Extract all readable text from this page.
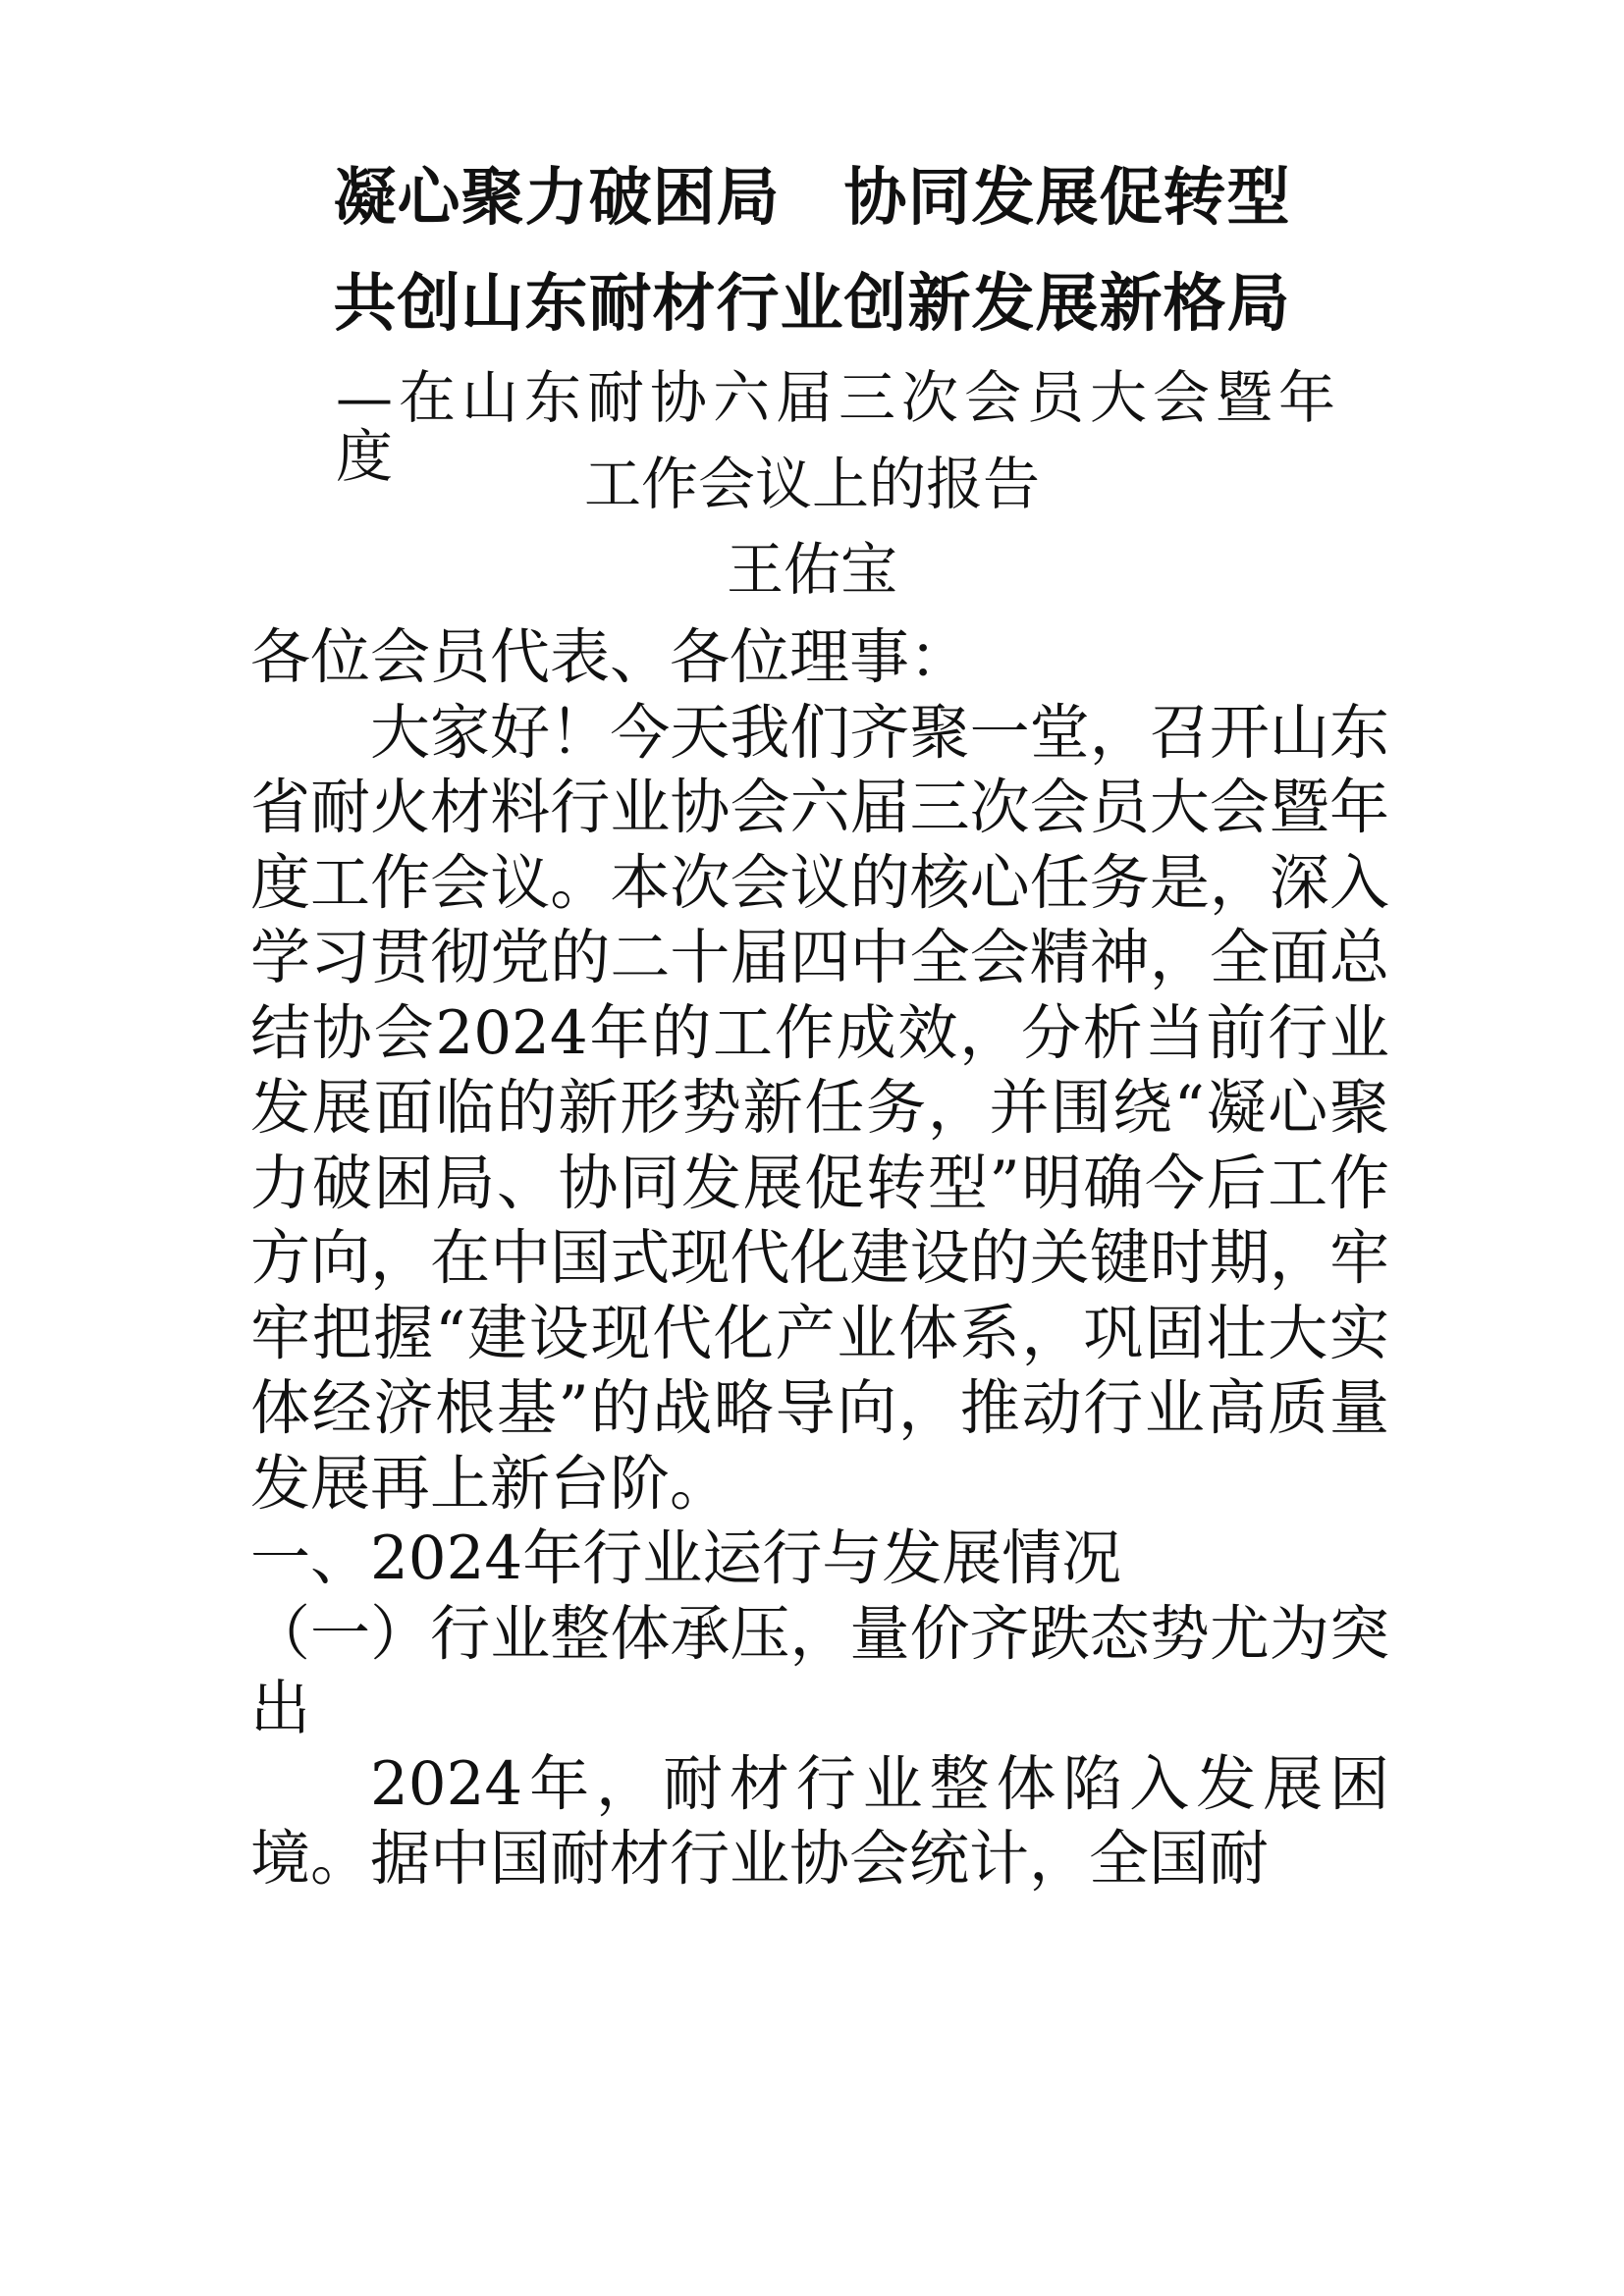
凝心聚力破困局　协同发展促转型
共创山东耐材行业创新发展新格局
—在山东耐协六届三次会员大会暨年度	工作会议上的报告
王佑宝

各位会员代表、各位理事：

大家好！今天我们齐聚一堂，召开山东省耐火材料行业协会六届三次会员大会暨年度工作会议。本次会议的核心任务是，深入学习贯彻党的二十届四中全会精神，全面总结协会2024年的工作成效，分析当前行业发展面临的新形势新任务，并围绕“凝心聚力破困局、协同发展促转型”明确今后工作方向，在中国式现代化建设的关键时期，牢牢把握“建设现代化产业体系，巩固壮大实体经济根基”的战略导向，推动行业高质量发展再上新台阶。

一、2024年行业运行与发展情况

（一）行业整体承压，量价齐跌态势尤为突出

2024年，耐材行业整体陷入发展困境。据中国耐材行业协会统计，全国耐
